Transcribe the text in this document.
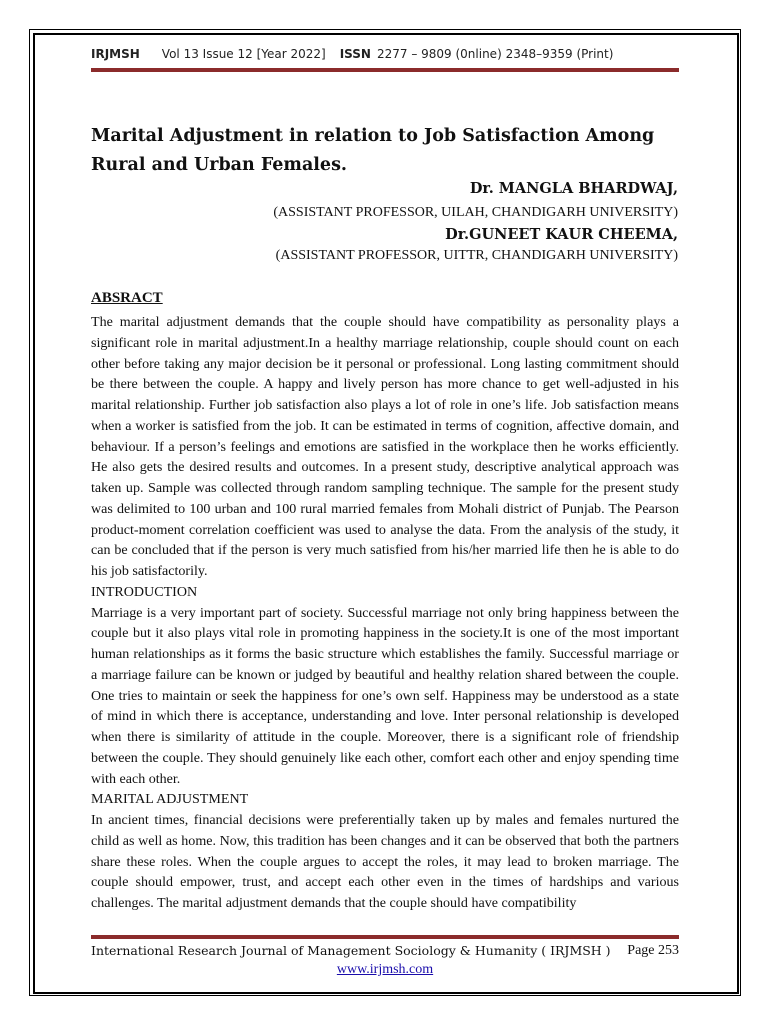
IRJMSH Vol 13 Issue 12 [Year 2022] ISSN 2277 – 9809 (0nline) 2348–9359 (Print)
Marital Adjustment in relation to Job Satisfaction Among Rural and Urban Females.
Dr. MANGLA BHARDWAJ,
(ASSISTANT PROFESSOR, UILAH, CHANDIGARH UNIVERSITY)
Dr.GUNEET KAUR CHEEMA,
(ASSISTANT PROFESSOR, UITTR, CHANDIGARH UNIVERSITY)
ABSRACT

The marital adjustment demands that the couple should have compatibility as personality plays a significant role in marital adjustment.In a healthy marriage relationship, couple should count on each other before taking any major decision be it personal or professional. Long lasting commitment should be there between the couple. A happy and lively person has more chance to get well-adjusted in his marital relationship. Further job satisfaction also plays a lot of role in one’s life. Job satisfaction means when a worker is satisfied from the job. It can be estimated in terms of cognition, affective domain, and behaviour. If a person’s feelings and emotions are satisfied in the workplace then he works efficiently. He also gets the desired results and outcomes. In a present study, descriptive analytical approach was taken up. Sample was collected through random sampling technique. The sample for the present study was delimited to 100 urban and 100 rural married females from Mohali district of Punjab. The Pearson product-moment correlation coefficient was used to analyse the data. From the analysis of the study, it can be concluded that if the person is very much satisfied from his/her married life then he is able to do his job satisfactorily.

INTRODUCTION

Marriage is a very important part of society. Successful marriage not only bring happiness between the couple but it also plays vital role in promoting happiness in the society.It is one of the most important human relationships as it forms the basic structure which establishes the family. Successful marriage or a marriage failure can be known or judged by beautiful and healthy relation shared between the couple. One tries to maintain or seek the happiness for one’s own self. Happiness may be understood as a state of mind in which there is acceptance, understanding and love. Inter personal relationship is developed when there is similarity of attitude in the couple. Moreover, there is a significant role of friendship between the couple. They should genuinely like each other, comfort each other and enjoy spending time with each other.

MARITAL ADJUSTMENT

In ancient times, financial decisions were preferentially taken up by males and females nurtured the child as well as home. Now, this tradition has been changes and it can be observed that both the partners share these roles. When the couple argues to accept the roles, it may lead to broken marriage. The couple should empower, trust, and accept each other even in the times of hardships and various challenges. The marital adjustment demands that the couple should have compatibility

International Research Journal of Management Sociology & Humanity ( IRJMSH ) Page 253
www.irjmsh.com
